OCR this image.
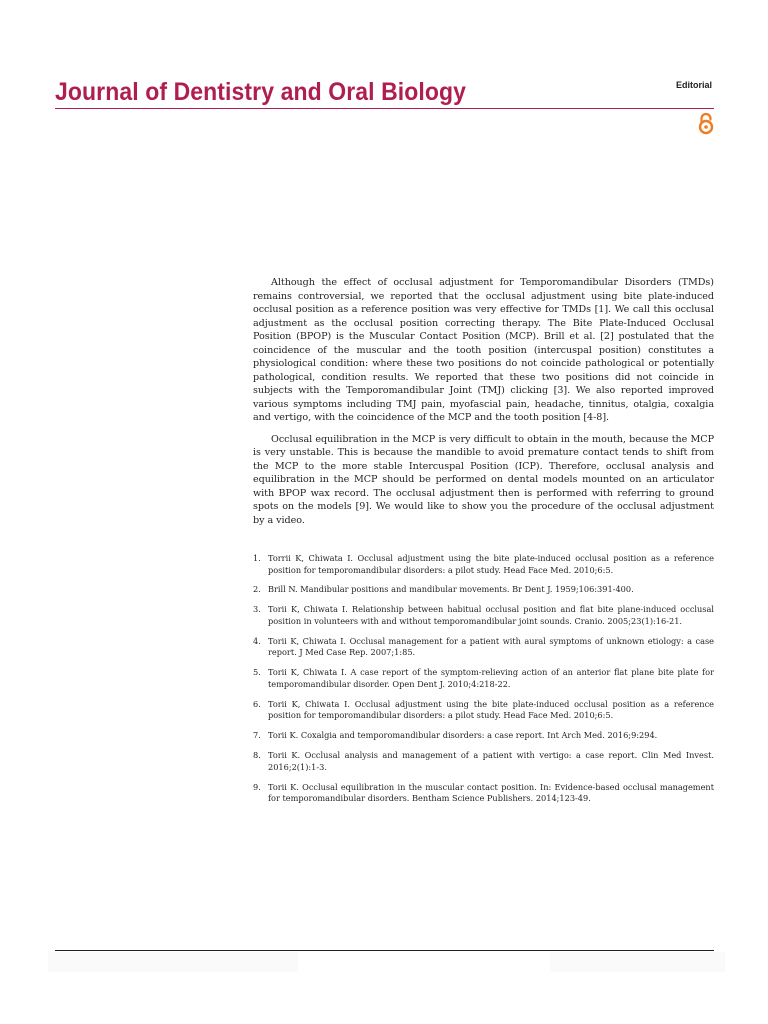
Journal of Dentistry and Oral Biology	Editorial

Although the effect of occlusal adjustment for Temporomandibular Disorders (TMDs) remains controversial, we reported that the occlusal adjustment using bite plate-induced occlusal position as a reference position was very effective for TMDs [1]. We call this occlusal adjustment as the occlusal position correcting therapy. The Bite Plate-Induced Occlusal Position (BPOP) is the Muscular Contact Position (MCP). Brill et al. [2] postulated that the coincidence of the muscular and the tooth position (intercuspal position) constitutes a physiological condition: where these two positions do not coincide pathological or potentially pathological, condition results. We reported that these two positions did not coincide in subjects with the Temporomandibular Joint (TMJ) clicking [3]. We also reported improved various symptoms including TMJ pain, myofascial pain, headache, tinnitus, otalgia, coxalgia and vertigo, with the coincidence of the MCP and the tooth position [4-8].

Occlusal equilibration in the MCP is very difficult to obtain in the mouth, because the MCP is very unstable. This is because the mandible to avoid premature contact tends to shift from the MCP to the more stable Intercuspal Position (ICP). Therefore, occlusal analysis and equilibration in the MCP should be performed on dental models mounted on an articulator with BPOP wax record. The occlusal adjustment then is performed with referring to ground spots on the models [9]. We would like to show you the procedure of the occlusal adjustment by a video.

1. Torrii K, Chiwata I. Occlusal adjustment using the bite plate-induced occlusal position as a reference position for temporomandibular disorders: a pilot study. Head Face Med. 2010;6:5.
2. Brill N. Mandibular positions and mandibular movements. Br Dent J. 1959;106:391-400.
3. Torii K, Chiwata I. Relationship between habitual occlusal position and flat bite plane-induced occlusal position in volunteers with and without temporomandibular joint sounds. Cranio. 2005;23(1):16-21.
4. Torii K, Chiwata I. Occlusal management for a patient with aural symptoms of unknown etiology: a case report. J Med Case Rep. 2007;1:85.
5. Torii K, Chiwata I. A case report of the symptom-relieving action of an anterior flat plane bite plate for temporomandibular disorder. Open Dent J. 2010;4:218-22.
6. Torii K, Chiwata I. Occlusal adjustment using the bite plate-induced occlusal position as a reference position for temporomandibular disorders: a pilot study. Head Face Med. 2010;6:5.
7. Torii K. Coxalgia and temporomandibular disorders: a case report. Int Arch Med. 2016;9:294.
8. Torii K. Occlusal analysis and management of a patient with vertigo: a case report. Clin Med Invest. 2016;2(1):1-3.
9. Torii K. Occlusal equilibration in the muscular contact position. In: Evidence-based occlusal management for temporomandibular disorders. Bentham Science Publishers. 2014;123-49.
